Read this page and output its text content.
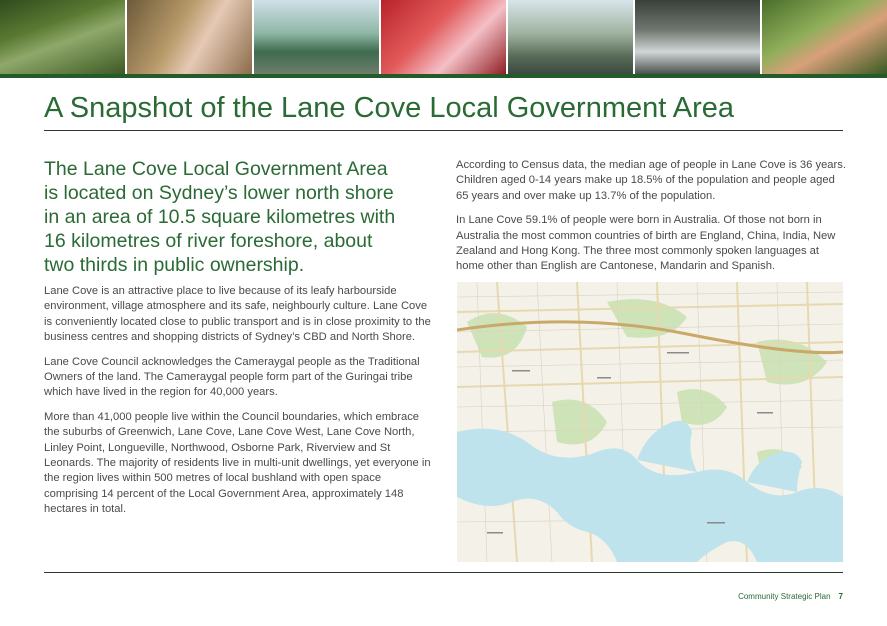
A Snapshot of the Lane Cove Local Government Area

The Lane Cove Local Government Area is located on Sydney’s lower north shore in an area of 10.5 square kilometres with 16 kilometres of river foreshore, about two thirds in public ownership.

Lane Cove is an attractive place to live because of its leafy harbourside environment, village atmosphere and its safe, neighbourly culture. Lane Cove is conveniently located close to public transport and is in close proximity to the business centres and shopping districts of Sydney’s CBD and North Shore.

Lane Cove Council acknowledges the Cameraygal people as the Traditional Owners of the land. The Cameraygal people form part of the Guringai tribe which have lived in the region for 40,000 years.

More than 41,000 people live within the Council boundaries, which embrace the suburbs of Greenwich, Lane Cove, Lane Cove West, Lane Cove North, Linley Point, Longueville, Northwood, Osborne Park, Riverview and St Leonards. The majority of residents live in multi-unit dwellings, yet everyone in the region lives within 500 metres of local bushland with open space comprising 14 percent of the Local Government Area, approximately 148 hectares in total.

According to Census data, the median age of people in Lane Cove is 36 years. Children aged 0-14 years make up 18.5% of the population and people aged 65 years and over make up 13.7% of the population.

In Lane Cove 59.1% of people were born in Australia. Of those not born in Australia the most common countries of birth are England, China, India, New Zealand and Hong Kong. The three most commonly spoken languages at home other than English are Cantonese, Mandarin and Spanish.

Community Strategic Plan 7
